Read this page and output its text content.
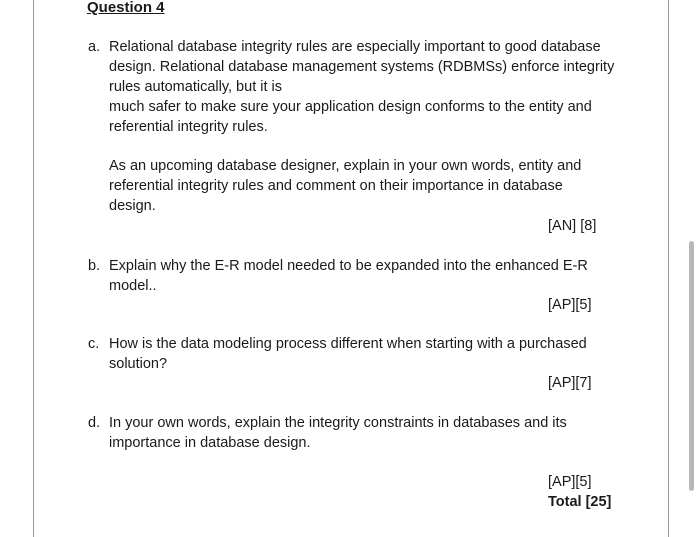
Question 4
a. Relational database integrity rules are especially important to good database
design. Relational database management systems (RDBMSs) enforce integrity
rules automatically, but it is
much safer to make sure your application design conforms to the entity and
referential integrity rules.
As an upcoming database designer, explain in your own words, entity and
referential integrity rules and comment on their importance in database
design.
[AN] [8]
b. Explain why the E-R model needed to be expanded into the enhanced E-R
model..
[AP][5]
c. How is the data modeling process different when starting with a purchased
solution?
[AP][7]
d. In your own words, explain the integrity constraints in databases and its
importance in database design.
[AP][5]
Total [25]
